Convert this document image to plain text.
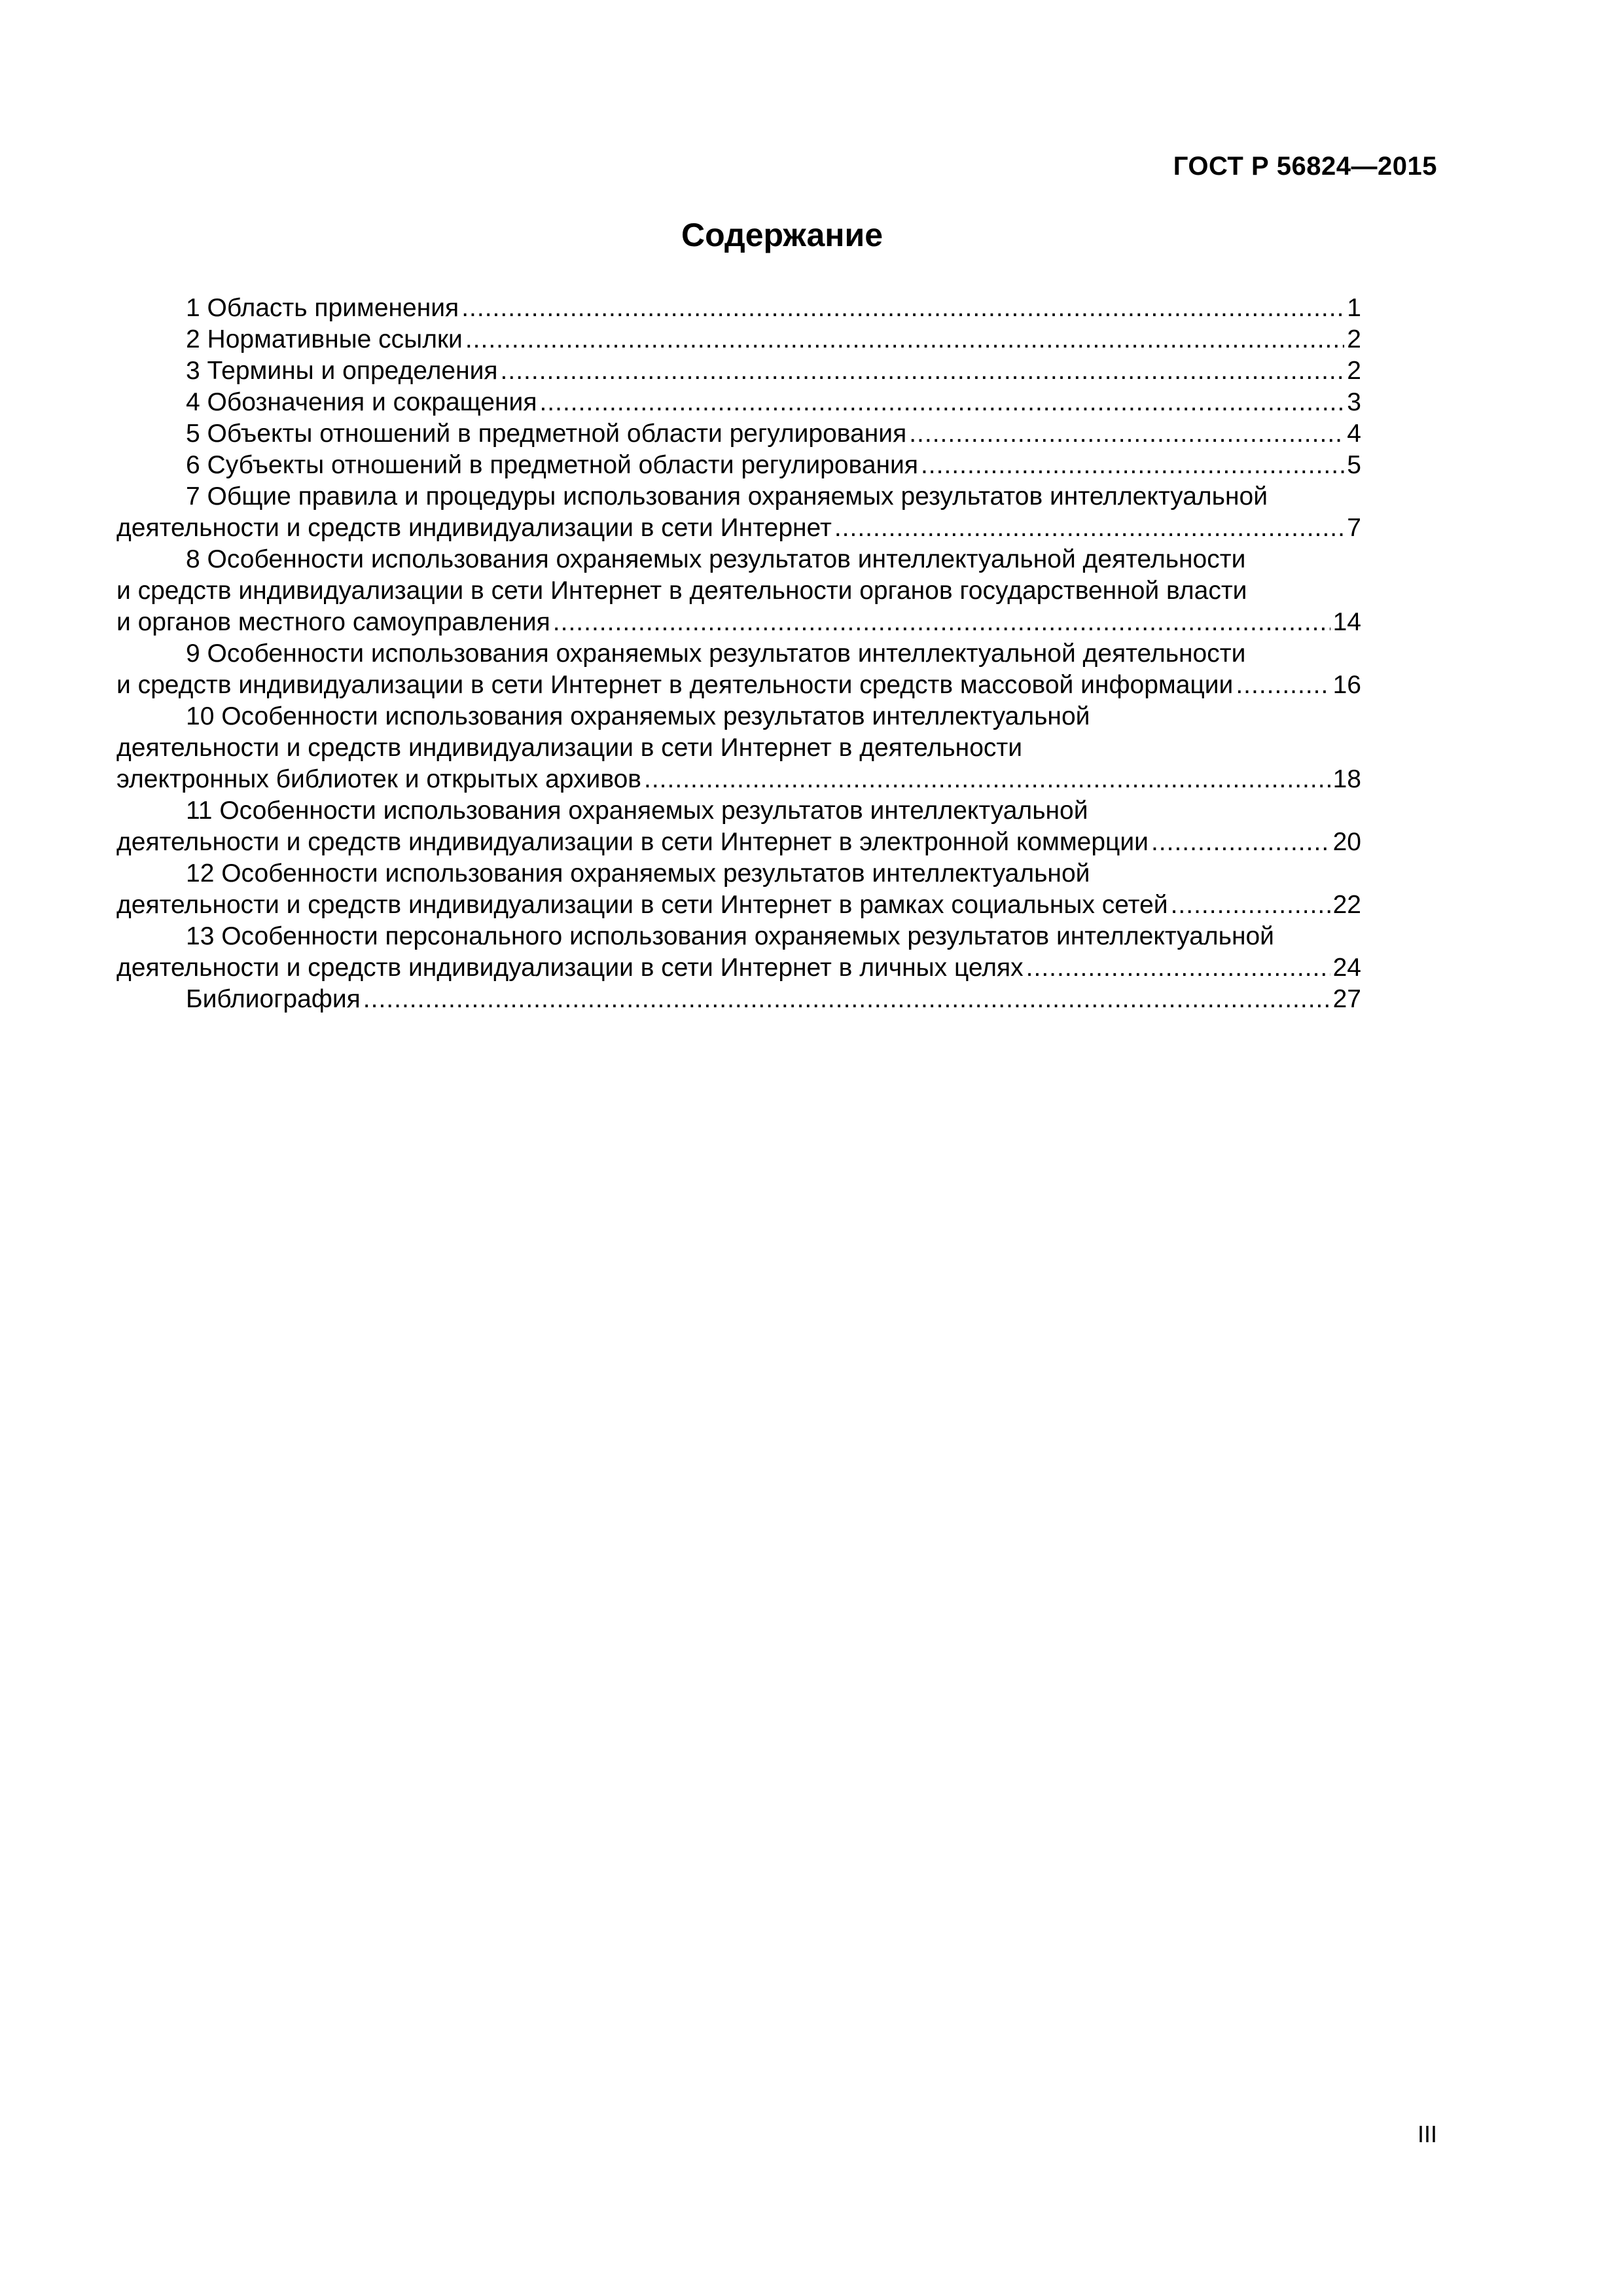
ГОСТ Р 56824—2015
Содержание
1 Область применения .....	1
2 Нормативные ссылки .....	2
3 Термины и определения .....	2
4 Обозначения и сокращения .....	3
5 Объекты отношений в предметной области регулирования .....	4
6 Субъекты отношений в предметной области регулирования .....	5
7 Общие правила и процедуры использования охраняемых результатов интеллектуальной
деятельности и средств индивидуализации в сети Интернет .....	7
8 Особенности использования охраняемых результатов интеллектуальной деятельности
и средств индивидуализации в сети Интернет в деятельности органов государственной власти
и органов местного самоуправления .....	14
9 Особенности использования охраняемых результатов интеллектуальной деятельности
и средств индивидуализации в сети Интернет в деятельности средств массовой информации .....	16
10 Особенности использования охраняемых результатов интеллектуальной
деятельности и средств индивидуализации в сети Интернет в деятельности
электронных библиотек и открытых архивов .....	18
11 Особенности использования охраняемых результатов интеллектуальной
деятельности и средств индивидуализации в сети Интернет в электронной коммерции .....	20
12 Особенности использования охраняемых результатов интеллектуальной
деятельности и средств индивидуализации в сети Интернет в рамках социальных сетей .....	22
13 Особенности персонального использования охраняемых результатов интеллектуальной
деятельности и средств индивидуализации в сети Интернет в личных целях .....	24
Библиография .....	27
III
